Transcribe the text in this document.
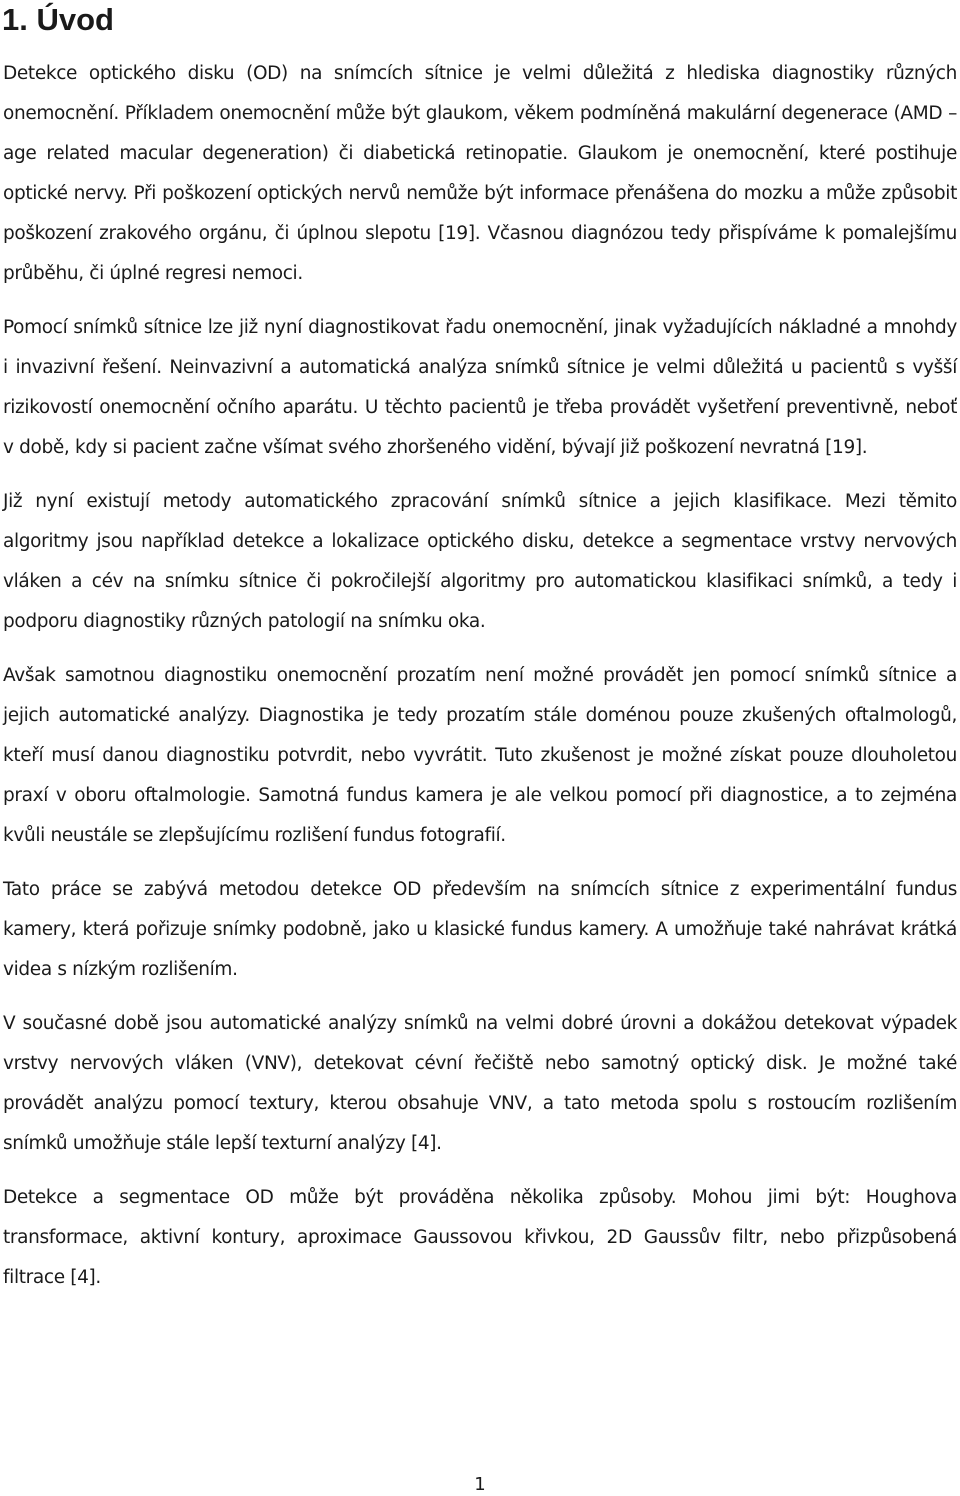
1. Úvod

Detekce optického disku (OD) na snímcích sítnice je velmi důležitá z hlediska diagnostiky různých onemocnění. Příkladem onemocnění může být glaukom, věkem podmíněná makulární degenerace (AMD – age related macular degeneration) či diabetická retinopatie. Glaukom je onemocnění, které postihuje optické nervy. Při poškození optických nervů nemůže být informace přenášena do mozku a může způsobit poškození zrakového orgánu, či úplnou slepotu [19]. Včasnou diagnózou tedy přispíváme k pomalejšímu průběhu, či úplné regresi nemoci.

Pomocí snímků sítnice lze již nyní diagnostikovat řadu onemocnění, jinak vyžadujících nákladné a mnohdy i invazivní řešení. Neinvazivní a automatická analýza snímků sítnice je velmi důležitá u pacientů s vyšší rizikovostí onemocnění očního aparátu. U těchto pacientů je třeba provádět vyšetření preventivně, neboť v době, kdy si pacient začne všímat svého zhoršeného vidění, bývají již poškození nevratná [19].

Již nyní existují metody automatického zpracování snímků sítnice a jejich klasifikace. Mezi těmito algoritmy jsou například detekce a lokalizace optického disku, detekce a segmentace vrstvy nervových vláken a cév na snímku sítnice či pokročilejší algoritmy pro automatickou klasifikaci snímků, a tedy i podporu diagnostiky různých patologií na snímku oka.

Avšak samotnou diagnostiku onemocnění prozatím není možné provádět jen pomocí snímků sítnice a jejich automatické analýzy. Diagnostika je tedy prozatím stále doménou pouze zkušených oftalmologů, kteří musí danou diagnostiku potvrdit, nebo vyvrátit. Tuto zkušenost je možné získat pouze dlouholetou praxí v oboru oftalmologie. Samotná fundus kamera je ale velkou pomocí při diagnostice, a to zejména kvůli neustále se zlepšujícímu rozlišení fundus fotografií.

Tato práce se zabývá metodou detekce OD především na snímcích sítnice z experimentální fundus kamery, která pořizuje snímky podobně, jako u klasické fundus kamery. A umožňuje také nahrávat krátká videa s nízkým rozlišením.

V současné době jsou automatické analýzy snímků na velmi dobré úrovni a dokážou detekovat výpadek vrstvy nervových vláken (VNV), detekovat cévní řečiště nebo samotný optický disk. Je možné také provádět analýzu pomocí textury, kterou obsahuje VNV, a tato metoda spolu s rostoucím rozlišením snímků umožňuje stále lepší texturní analýzy [4].

Detekce a segmentace OD může být prováděna několika způsoby. Mohou jimi být: Houghova transformace, aktivní kontury, aproximace Gaussovou křivkou, 2D Gaussův filtr, nebo přizpůsobená filtrace [4].

1
